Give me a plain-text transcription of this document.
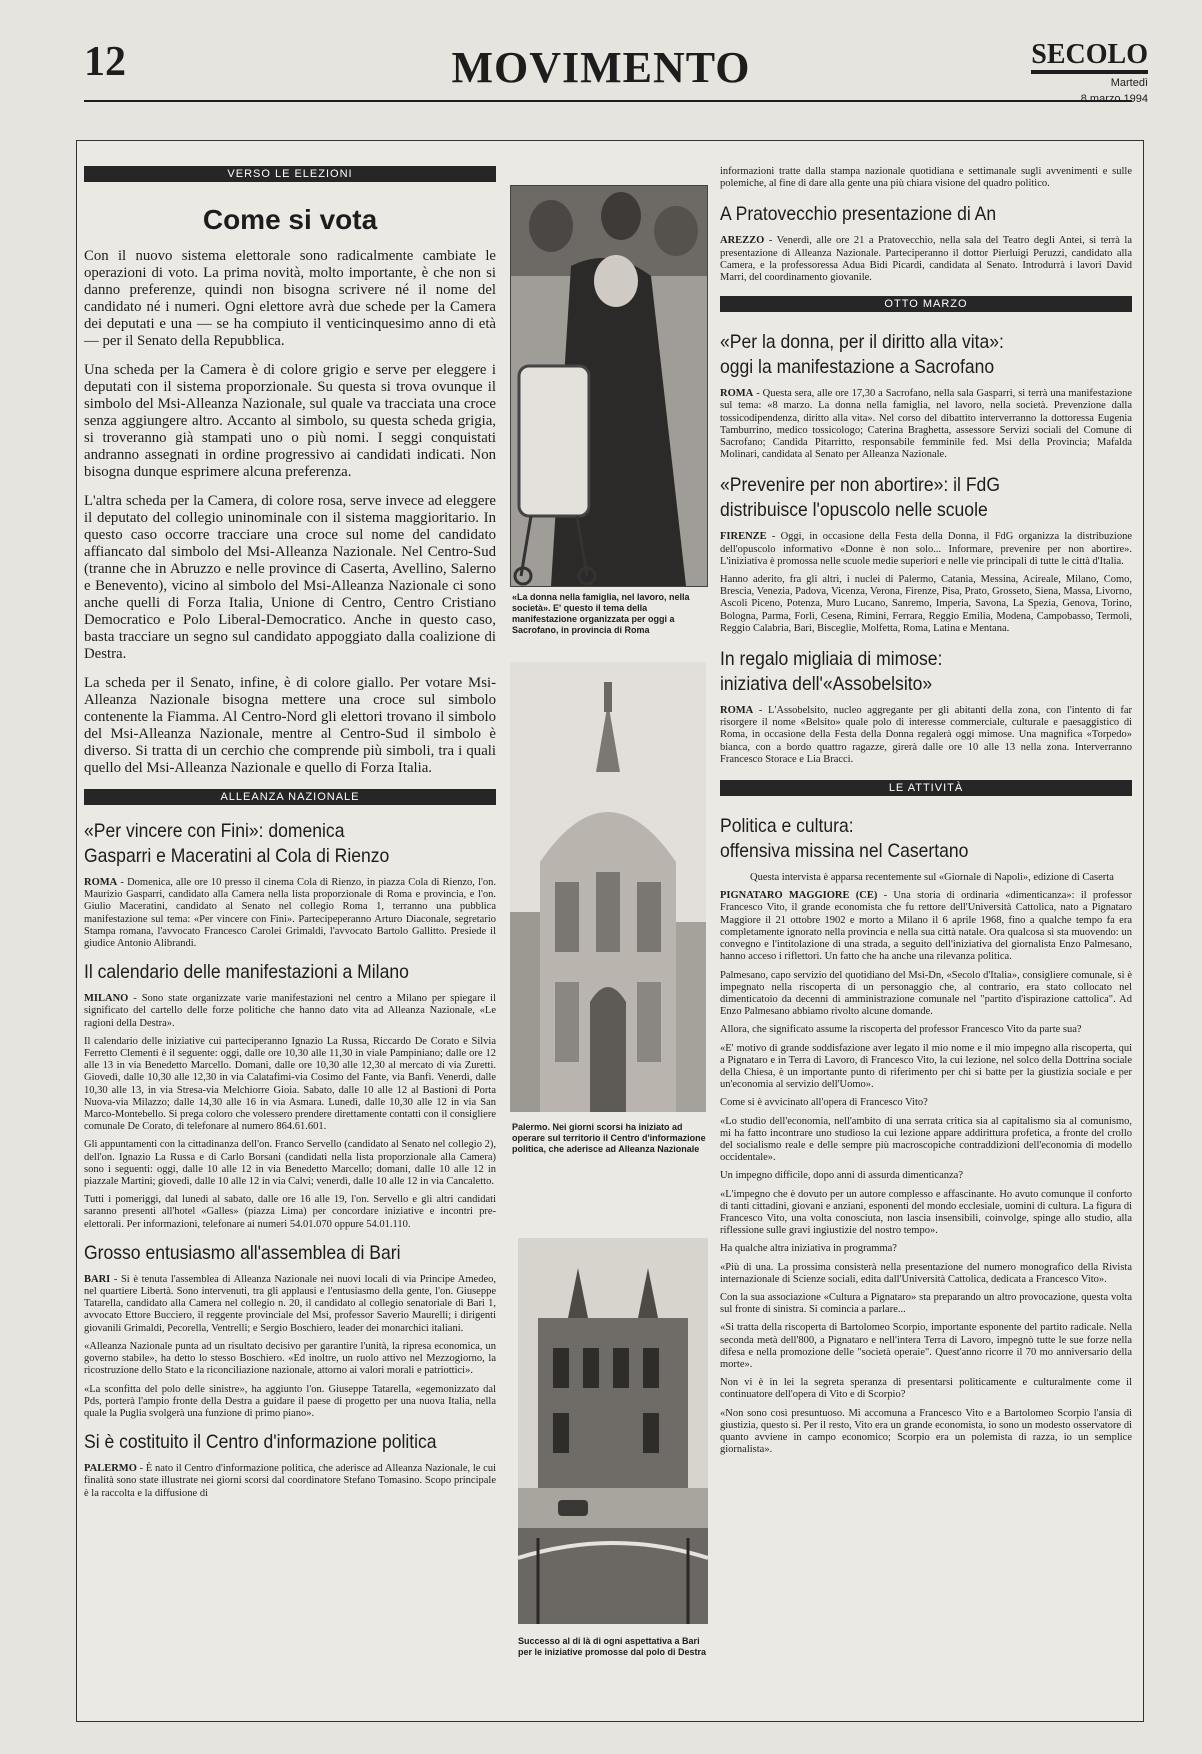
12	MOVIMENTO	SECOLO
Martedì
8 marzo 1994
VERSO LE ELEZIONI
Come si vota

Con il nuovo sistema elettorale sono radicalmente cambiate le operazioni di voto. La prima novità, molto importante, è che non si danno preferenze, quindi non bisogna scrivere né il nome del candidato né i numeri. Ogni elettore avrà due schede per la Camera dei deputati e una — se ha compiuto il venticinquesimo anno di età — per il Senato della Repubblica.

Una scheda per la Camera è di colore grigio e serve per eleggere i deputati con il sistema proporzionale. Su questa si trova ovunque il simbolo del Msi-Alleanza Nazionale, sul quale va tracciata una croce senza aggiungere altro. Accanto al simbolo, su questa scheda grigia, si troveranno già stampati uno o più nomi. I seggi conquistati andranno assegnati in ordine progressivo ai candidati indicati. Non bisogna dunque esprimere alcuna preferenza.

L'altra scheda per la Camera, di colore rosa, serve invece ad eleggere il deputato del collegio uninominale con il sistema maggioritario. In questo caso occorre tracciare una croce sul nome del candidato affiancato dal simbolo del Msi-Alleanza Nazionale. Nel Centro-Sud (tranne che in Abruzzo e nelle province di Caserta, Avellino, Salerno e Benevento), vicino al simbolo del Msi-Alleanza Nazionale ci sono anche quelli di Forza Italia, Unione di Centro, Centro Cristiano Democratico e Polo Liberal-Democratico. Anche in questo caso, basta tracciare un segno sul candidato appoggiato dalla coalizione di Destra.

La scheda per il Senato, infine, è di colore giallo. Per votare Msi-Alleanza Nazionale bisogna mettere una croce sul simbolo contenente la Fiamma. Al Centro-Nord gli elettori trovano il simbolo del Msi-Alleanza Nazionale, mentre al Centro-Sud il simbolo è diverso. Si tratta di un cerchio che comprende più simboli, tra i quali quello del Msi-Alleanza Nazionale e quello di Forza Italia.

ALLEANZA NAZIONALE
«Per vincere con Fini»: domenica
Gasparri e Maceratini al Cola di Rienzo

ROMA - Domenica, alle ore 10 presso il cinema Cola di Rienzo, in piazza Cola di Rienzo, l'on. Maurizio Gasparri, candidato alla Camera nella lista proporzionale di Roma e provincia, e l'on. Giulio Maceratini, candidato al Senato nel collegio Roma 1, terranno una pubblica manifestazione sul tema: «Per vincere con Fini». Partecipeperanno Arturo Diaconale, segretario Stampa romana, l'avvocato Francesco Carolei Grimaldi, l'avvocato Bartolo Gallitto. Presiede il giudice Antonio Alibrandi.

Il calendario delle manifestazioni a Milano

MILANO - Sono state organizzate varie manifestazioni nel centro a Milano per spiegare il significato del cartello delle forze politiche che hanno dato vita ad Alleanza Nazionale, «Le ragioni della Destra».

Il calendario delle iniziative cui parteciperanno Ignazio La Russa, Riccardo De Corato e Silvia Ferretto Clementi è il seguente: oggi, dalle ore 10,30 alle 11,30 in viale Pampiniano; dalle ore 12 alle 13 in via Benedetto Marcello. Domani, dalle ore 10,30 alle 12,30 al mercato di via Zuretti. Giovedì, dalle 10,30 alle 12,30 in via Calatafimi-via Cosimo del Fante, via Banfi. Venerdì, dalle 10,30 alle 13, in via Stresa-via Melchiorre Gioia. Sabato, dalle 10 alle 12 al Bastioni di Porta Nuova-via Milazzo; dalle 14,30 alle 16 in via Asmara. Lunedì, dalle 10,30 alle 12 in via San Marco-Montebello. Si prega coloro che volessero prendere direttamente contatti con il consigliere comunale De Corato, di telefonare al numero 864.61.601.

Gli appuntamenti con la cittadinanza dell'on. Franco Servello (candidato al Senato nel collegio 2), dell'on. Ignazio La Russa e di Carlo Borsani (candidati nella lista proporzionale alla Camera) sono i seguenti: oggi, dalle 10 alle 12 in via Benedetto Marcello; domani, dalle 10 alle 12 in piazzale Martini; giovedì, dalle 10 alle 12 in via Calvi; venerdì, dalle 10 alle 12 in via Cancaletto.

Tutti i pomeriggi, dal lunedì al sabato, dalle ore 16 alle 19, l'on. Servello e gli altri candidati saranno presenti all'hotel «Galles» (piazza Lima) per concordare iniziative e incontri pre-elettorali. Per informazioni, telefonare ai numeri 54.01.070 oppure 54.01.110.

Grosso entusiasmo all'assemblea di Bari

BARI - Si è tenuta l'assemblea di Alleanza Nazionale nei nuovi locali di via Principe Amedeo, nel quartiere Libertà. Sono intervenuti, tra gli applausi e l'entusiasmo della gente, l'on. Giuseppe Tatarella, candidato alla Camera nel collegio n. 20, il candidato al collegio senatoriale di Bari 1, avvocato Ettore Bucciero, il reggente provinciale del Msi, professor Saverio Maurelli; i dirigenti giovanili Grimaldi, Pecorella, Ventrelli; e Sergio Boschiero, leader dei monarchici italiani.

«Alleanza Nazionale punta ad un risultato decisivo per garantire l'unità, la ripresa economica, un governo stabile», ha detto lo stesso Boschiero. «Ed inoltre, un ruolo attivo nel Mezzogiorno, la ricostruzione dello Stato e la riconciliazione nazionale, attorno ai valori morali e patriottici».

«La sconfitta del polo delle sinistre», ha aggiunto l'on. Giuseppe Tatarella, «egemonizzato dal Pds, porterà l'ampio fronte della Destra a guidare il paese di progetto per una nuova Italia, nella quale la Puglia svolgerà una funzione di primo piano».

Si è costituito il Centro d'informazione politica

PALERMO - È nato il Centro d'informazione politica, che aderisce ad Alleanza Nazionale, le cui finalità sono state illustrate nei giorni scorsi dal coordinatore Stefano Tomasino. Scopo principale è la raccolta e la diffusione di

«La donna nella famiglia, nel lavoro, nella società». E' questo il tema della manifestazione organizzata per oggi a Sacrofano, in provincia di Roma
Palermo. Nei giorni scorsi ha iniziato ad operare sul territorio il Centro d'informazione politica, che aderisce ad Alleanza Nazionale
Successo al di là di ogni aspettativa a Bari per le iniziative promosse dal polo di Destra

informazioni tratte dalla stampa nazionale quotidiana e settimanale sugli avvenimenti e sulle polemiche, al fine di dare alla gente una più chiara visione del quadro politico.

A Pratovecchio presentazione di An

AREZZO - Venerdì, alle ore 21 a Pratovecchio, nella sala del Teatro degli Antei, si terrà la presentazione di Alleanza Nazionale. Parteciperanno il dottor Pierluigi Peruzzi, candidato alla Camera, e la professoressa Adua Bidi Picardi, candidata al Senato. Introdurrà i lavori David Marri, del coordinamento giovanile.

OTTO MARZO
«Per la donna, per il diritto alla vita»:
oggi la manifestazione a Sacrofano

ROMA - Questa sera, alle ore 17,30 a Sacrofano, nella sala Gasparri, si terrà una manifestazione sul tema: «8 marzo. La donna nella famiglia, nel lavoro, nella società. Prevenzione dalla tossicodipendenza, diritto alla vita». Nel corso del dibattito interverranno la dottoressa Eugenia Tamburrino, medico tossicologo; Caterina Braghetta, assessore Servizi sociali del Comune di Sacrofano; Candida Pitarritto, responsabile femminile fed. Msi della Provincia; Mafalda Molinari, candidata al Senato per Alleanza Nazionale.

«Prevenire per non abortire»: il FdG
distribuisce l'opuscolo nelle scuole

FIRENZE - Oggi, in occasione della Festa della Donna, il FdG organizza la distribuzione dell'opuscolo informativo «Donne è non solo... Informare, prevenire per non abortire». L'iniziativa è promossa nelle scuole medie superiori e nelle vie principali di tutte le città d'Italia.

Hanno aderito, fra gli altri, i nuclei di Palermo, Catania, Messina, Acireale, Milano, Como, Brescia, Venezia, Padova, Vicenza, Verona, Firenze, Pisa, Prato, Grosseto, Siena, Massa, Livorno, Ascoli Piceno, Potenza, Muro Lucano, Sanremo, Imperia, Savona, La Spezia, Genova, Torino, Bologna, Parma, Forlì, Cesena, Rimini, Ferrara, Reggio Emilia, Modena, Campobasso, Termoli, Reggio Calabria, Bari, Bisceglie, Molfetta, Roma, Latina e Mentana.

In regalo migliaia di mimose:
iniziativa dell'«Assobelsito»

ROMA - L'Assobelsito, nucleo aggregante per gli abitanti della zona, con l'intento di far risorgere il nome «Belsito» quale polo di interesse commerciale, culturale e paesaggistico di Roma, in occasione della Festa della Donna regalerà oggi mimose. Una magnifica «Torpedo» bianca, con a bordo quattro ragazze, girerà dalle ore 10 alle 13 nella zona. Interverranno Francesco Storace e Lia Bracci.

LE ATTIVITÀ
Politica e cultura:
offensiva missina nel Casertano

Questa intervista è apparsa recentemente sul «Giornale di Napoli», edizione di Caserta

PIGNATARO MAGGIORE (CE) - Una storia di ordinaria «dimenticanza»: il professor Francesco Vito, il grande economista che fu rettore dell'Università Cattolica, nato a Pignataro Maggiore il 21 ottobre 1902 e morto a Milano il 6 aprile 1968, fino a qualche tempo fa era completamente ignorato nella provincia e nella sua città natale. Ora qualcosa si sta muovendo: un convegno e l'intitolazione di una strada, a seguito dell'iniziativa del giornalista Enzo Palmesano, hanno acceso i riflettori. Un fatto che ha anche una rilevanza politica.

Palmesano, capo servizio del quotidiano del Msi-Dn, «Secolo d'Italia», consigliere comunale, si è impegnato nella riscoperta di un personaggio che, al contrario, era stato collocato nel dimenticatoio da decenni di amministrazione comunale nel "partito d'ispirazione cattolica". Ad Enzo Palmesano abbiamo rivolto alcune domande.

Allora, che significato assume la riscoperta del professor Francesco Vito da parte sua?

«E' motivo di grande soddisfazione aver legato il mio nome e il mio impegno alla riscoperta, qui a Pignataro e in Terra di Lavoro, di Francesco Vito, la cui lezione, nel solco della Dottrina sociale della Chiesa, è un importante punto di riferimento per chi si batte per la giustizia sociale e per un'economia al servizio dell'Uomo».

Come si è avvicinato all'opera di Francesco Vito?

«Lo studio dell'economia, nell'ambito di una serrata critica sia al capitalismo sia al comunismo, mi ha fatto incontrare uno studioso la cui lezione appare addirittura profetica, a fronte del crollo del socialismo reale e delle sempre più macroscopiche contraddizioni dell'economia di modello occidentale».

Un impegno difficile, dopo anni di assurda dimenticanza?

«L'impegno che è dovuto per un autore complesso e affascinante. Ho avuto comunque il conforto di tanti cittadini, giovani e anziani, esponenti del mondo ecclesiale, uomini di cultura. La figura di Francesco Vito, una volta conosciuta, non lascia insensibili, coinvolge, spinge allo studio, alla riflessione sulle gravi ingiustizie del nostro tempo».

Ha qualche altra iniziativa in programma?

«Più di una. La prossima consisterà nella presentazione del numero monografico della Rivista internazionale di Scienze sociali, edita dall'Università Cattolica, dedicata a Francesco Vito».

Con la sua associazione «Cultura a Pignataro» sta preparando un altro provocazione, questa volta sul fronte di sinistra. Si comincia a parlare...

«Si tratta della riscoperta di Bartolomeo Scorpio, importante esponente del partito radicale. Nella seconda metà dell'800, a Pignataro e nell'intera Terra di Lavoro, impegnò tutte le sue forze nella difesa e nella promozione delle "società operaie". Quest'anno ricorre il 70 mo anniversario della morte».

Non vi è in lei la segreta speranza di presentarsi politicamente e culturalmente come il continuatore dell'opera di Vito e di Scorpio?

«Non sono così presuntuoso. Mi accomuna a Francesco Vito e a Bartolomeo Scorpio l'ansia di giustizia, questo sì. Per il resto, Vito era un grande economista, io sono un modesto osservatore di quanto avviene in campo economico; Scorpio era un polemista di razza, io un semplice giornalista».
